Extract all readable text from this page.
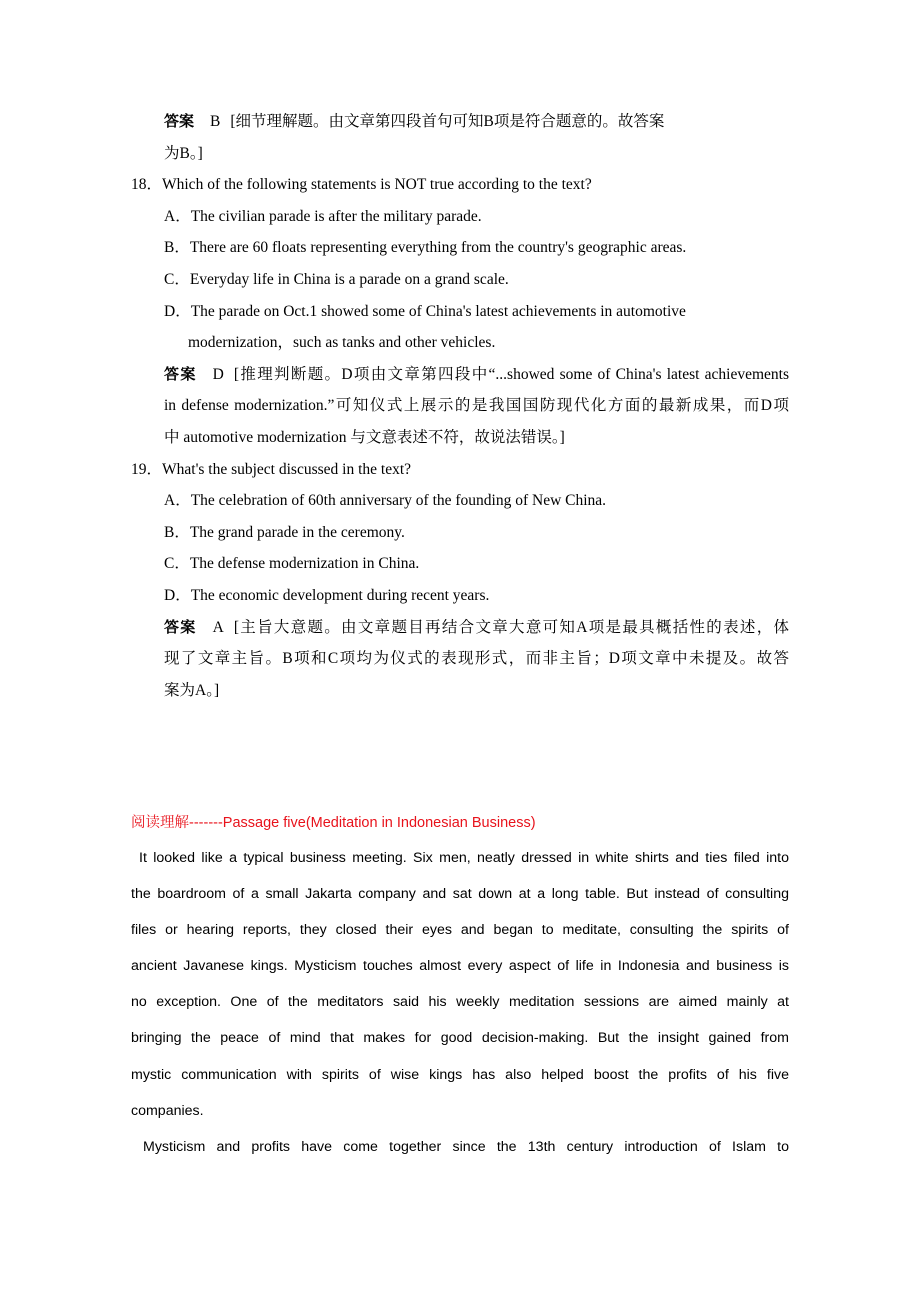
答案 B [细节理解题。由文章第四段首句可知B项是符合题意的。故答案
为B。]
18．Which of the following statements is NOT true according to the text?
A．The civilian parade is after the military parade.
B．There are 60 floats representing everything from the country's geographic areas.
C．Everyday life in China is a parade on a grand scale.
D．The parade on Oct.1 showed some of China's latest achievements in automotive
modernization，such as tanks and other vehicles.
答案 D [推理判断题。D项由文章第四段中“...showed some of China's latest achievements
in defense modernization.”可知仪式上展示的是我国国防现代化方面的最新成果，而D项
中 automotive modernization 与文意表述不符，故说法错误。]
19．What's the subject discussed in the text?
A．The celebration of 60th anniversary of the founding of New China.
B．The grand parade in the ceremony.
C．The defense modernization in China.
D．The economic development during recent years.
答案 A [主旨大意题。由文章题目再结合文章大意可知A项是最具概括性的表述，体
现了文章主旨。B项和C项均为仪式的表现形式，而非主旨；D项文章中未提及。故答
案为A。]
阅读理解-------Passage five(Meditation in Indonesian Business)
It looked like a typical business meeting. Six men, neatly dressed in white shirts and ties filed into
the boardroom of a small Jakarta company and sat down at a long table. But instead of consulting
files or hearing reports, they closed their eyes and began to meditate, consulting the spirits of
ancient Javanese kings. Mysticism touches almost every aspect of life in Indonesia and business is
no exception. One of the meditators said his weekly meditation sessions are aimed mainly at
bringing the peace of mind that makes for good decision-making. But the insight gained from
mystic communication with spirits of wise kings has also helped boost the profits of his five
companies.
Mysticism and profits have come together since the 13th century introduction of Islam to
